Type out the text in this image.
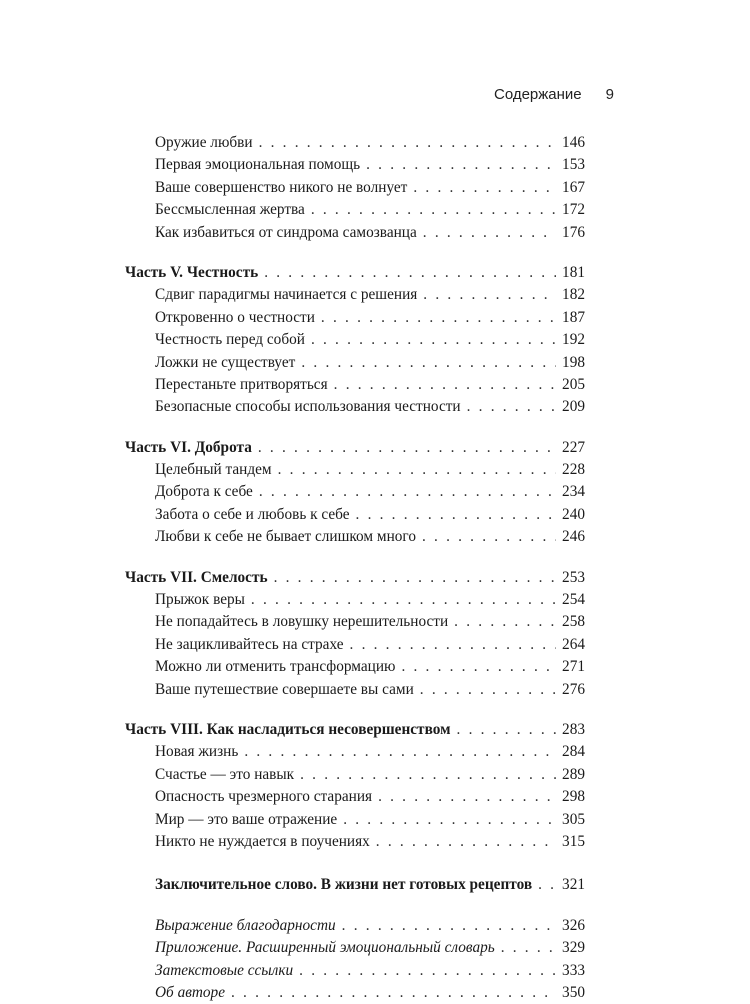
Содержание 9
Оружие любви . . .	146
Первая эмоциональная помощь . . .	153
Ваше совершенство никого не волнует . . .	167
Бессмысленная жертва . . .	172
Как избавиться от синдрома самозванца . . .	176
Часть V. Честность . . .	181
Сдвиг парадигмы начинается с решения . . .	182
Откровенно о честности . . .	187
Честность перед собой . . .	192
Ложки не существует . . .	198
Перестаньте притворяться . . .	205
Безопасные способы использования честности . . .	209
Часть VI. Доброта . . .	227
Целебный тандем . . .	228
Доброта к себе . . .	234
Забота о себе и любовь к себе . . .	240
Любви к себе не бывает слишком много . . .	246
Часть VII. Смелость . . .	253
Прыжок веры . . .	254
Не попадайтесь в ловушку нерешительности . . .	258
Не зацикливайтесь на страхе . . .	264
Можно ли отменить трансформацию . . .	271
Ваше путешествие совершаете вы сами . . .	276
Часть VIII. Как насладиться несовершенством . . .	283
Новая жизнь . . .	284
Счастье — это навык . . .	289
Опасность чрезмерного старания . . .	298
Мир — это ваше отражение . . .	305
Никто не нуждается в поучениях . . .	315
Заключительное слово. В жизни нет готовых рецептов . . . 321
Выражение благодарности . . .	326
Приложение. Расширенный эмоциональный словарь . . .	329
Затекстовые ссылки . . .	333
Об авторе . . .	350
